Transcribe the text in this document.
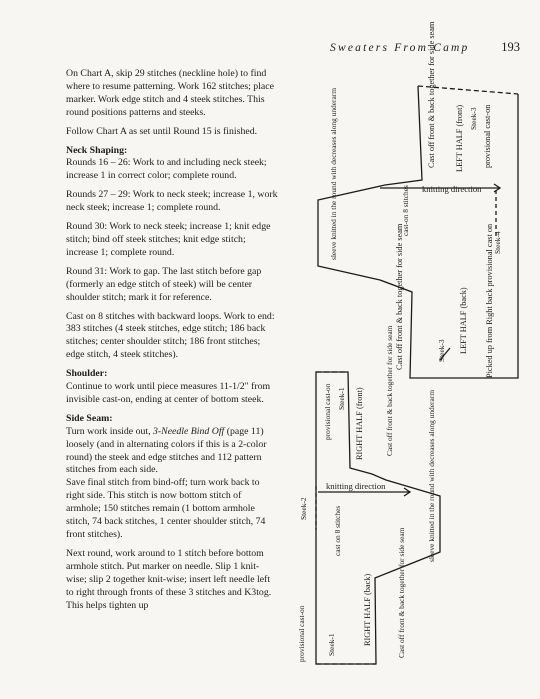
Sweaters From Camp	193

On Chart A, skip 29 stitches (neckline hole) to find where to resume patterning. Work 162 stitches; place marker. Work edge stitch and 4 steek stitches. This round positions patterns and steeks.

Follow Chart A as set until Round 15 is finished.

Neck Shaping:

Rounds 16 – 26: Work to and including neck steek; increase 1 in correct color; complete round.

Rounds 27 – 29: Work to neck steek; increase 1, work neck steek; increase 1; complete round.

Round 30: Work to neck steek; increase 1; knit edge stitch; bind off steek stitches; knit edge stitch; increase 1; complete round.

Round 31: Work to gap. The last stitch before gap (formerly an edge stitch of steek) will be center shoulder stitch; mark it for reference.

Cast on 8 stitches with backward loops. Work to end: 383 stitches (4 steek stitches, edge stitch; 186 back stitches; center shoulder stitch; 186 front stitches; edge stitch, 4 steek stitches).

Shoulder:

Continue to work until piece measures 11-1/2" from invisible cast-on, ending at center of bottom steek.

Side Seam:

Turn work inside out, 3-Needle Bind Off (page 11) loosely (and in alternating colors if this is a 2-color round) the steek and edge stitches and 112 pattern stitches from each side.

Save final stitch from bind-off; turn work back to right side. This stitch is now bottom stitch of armhole; 150 stitches remain (1 bottom armhole stitch, 74 back stitches, 1 center shoulder stitch, 74 front stitches).

Next round, work around to 1 stitch before bottom armhole stitch. Put marker on needle. Slip 1 knit-wise; slip 2 together knit-wise; insert left needle left to right through fronts of these 3 stitches and K3tog. This helps tighten up

Cast off front & back together for side seam LEFT HALF (front) provisional cast-on
Steek-3
knitting direction
sleeve knitted in the round with decreases along underarm	cast-on 8 stitches
Steek-4
Cast off front & back together for side seam	LEFT HALF (back) Picked up from Right back provisional cast on
Steek-3
Steek-1 RIGHT HALF (front)
provisional cast-on	Cast off front & back together for side seam
knitting direction
Steek-2	cast on 8 stitches	sleeve knitted in the round with decreases along underarm
RIGHT HALF (back)
Steek-1	Cast off front & back together for side seam
provisional cast-on
